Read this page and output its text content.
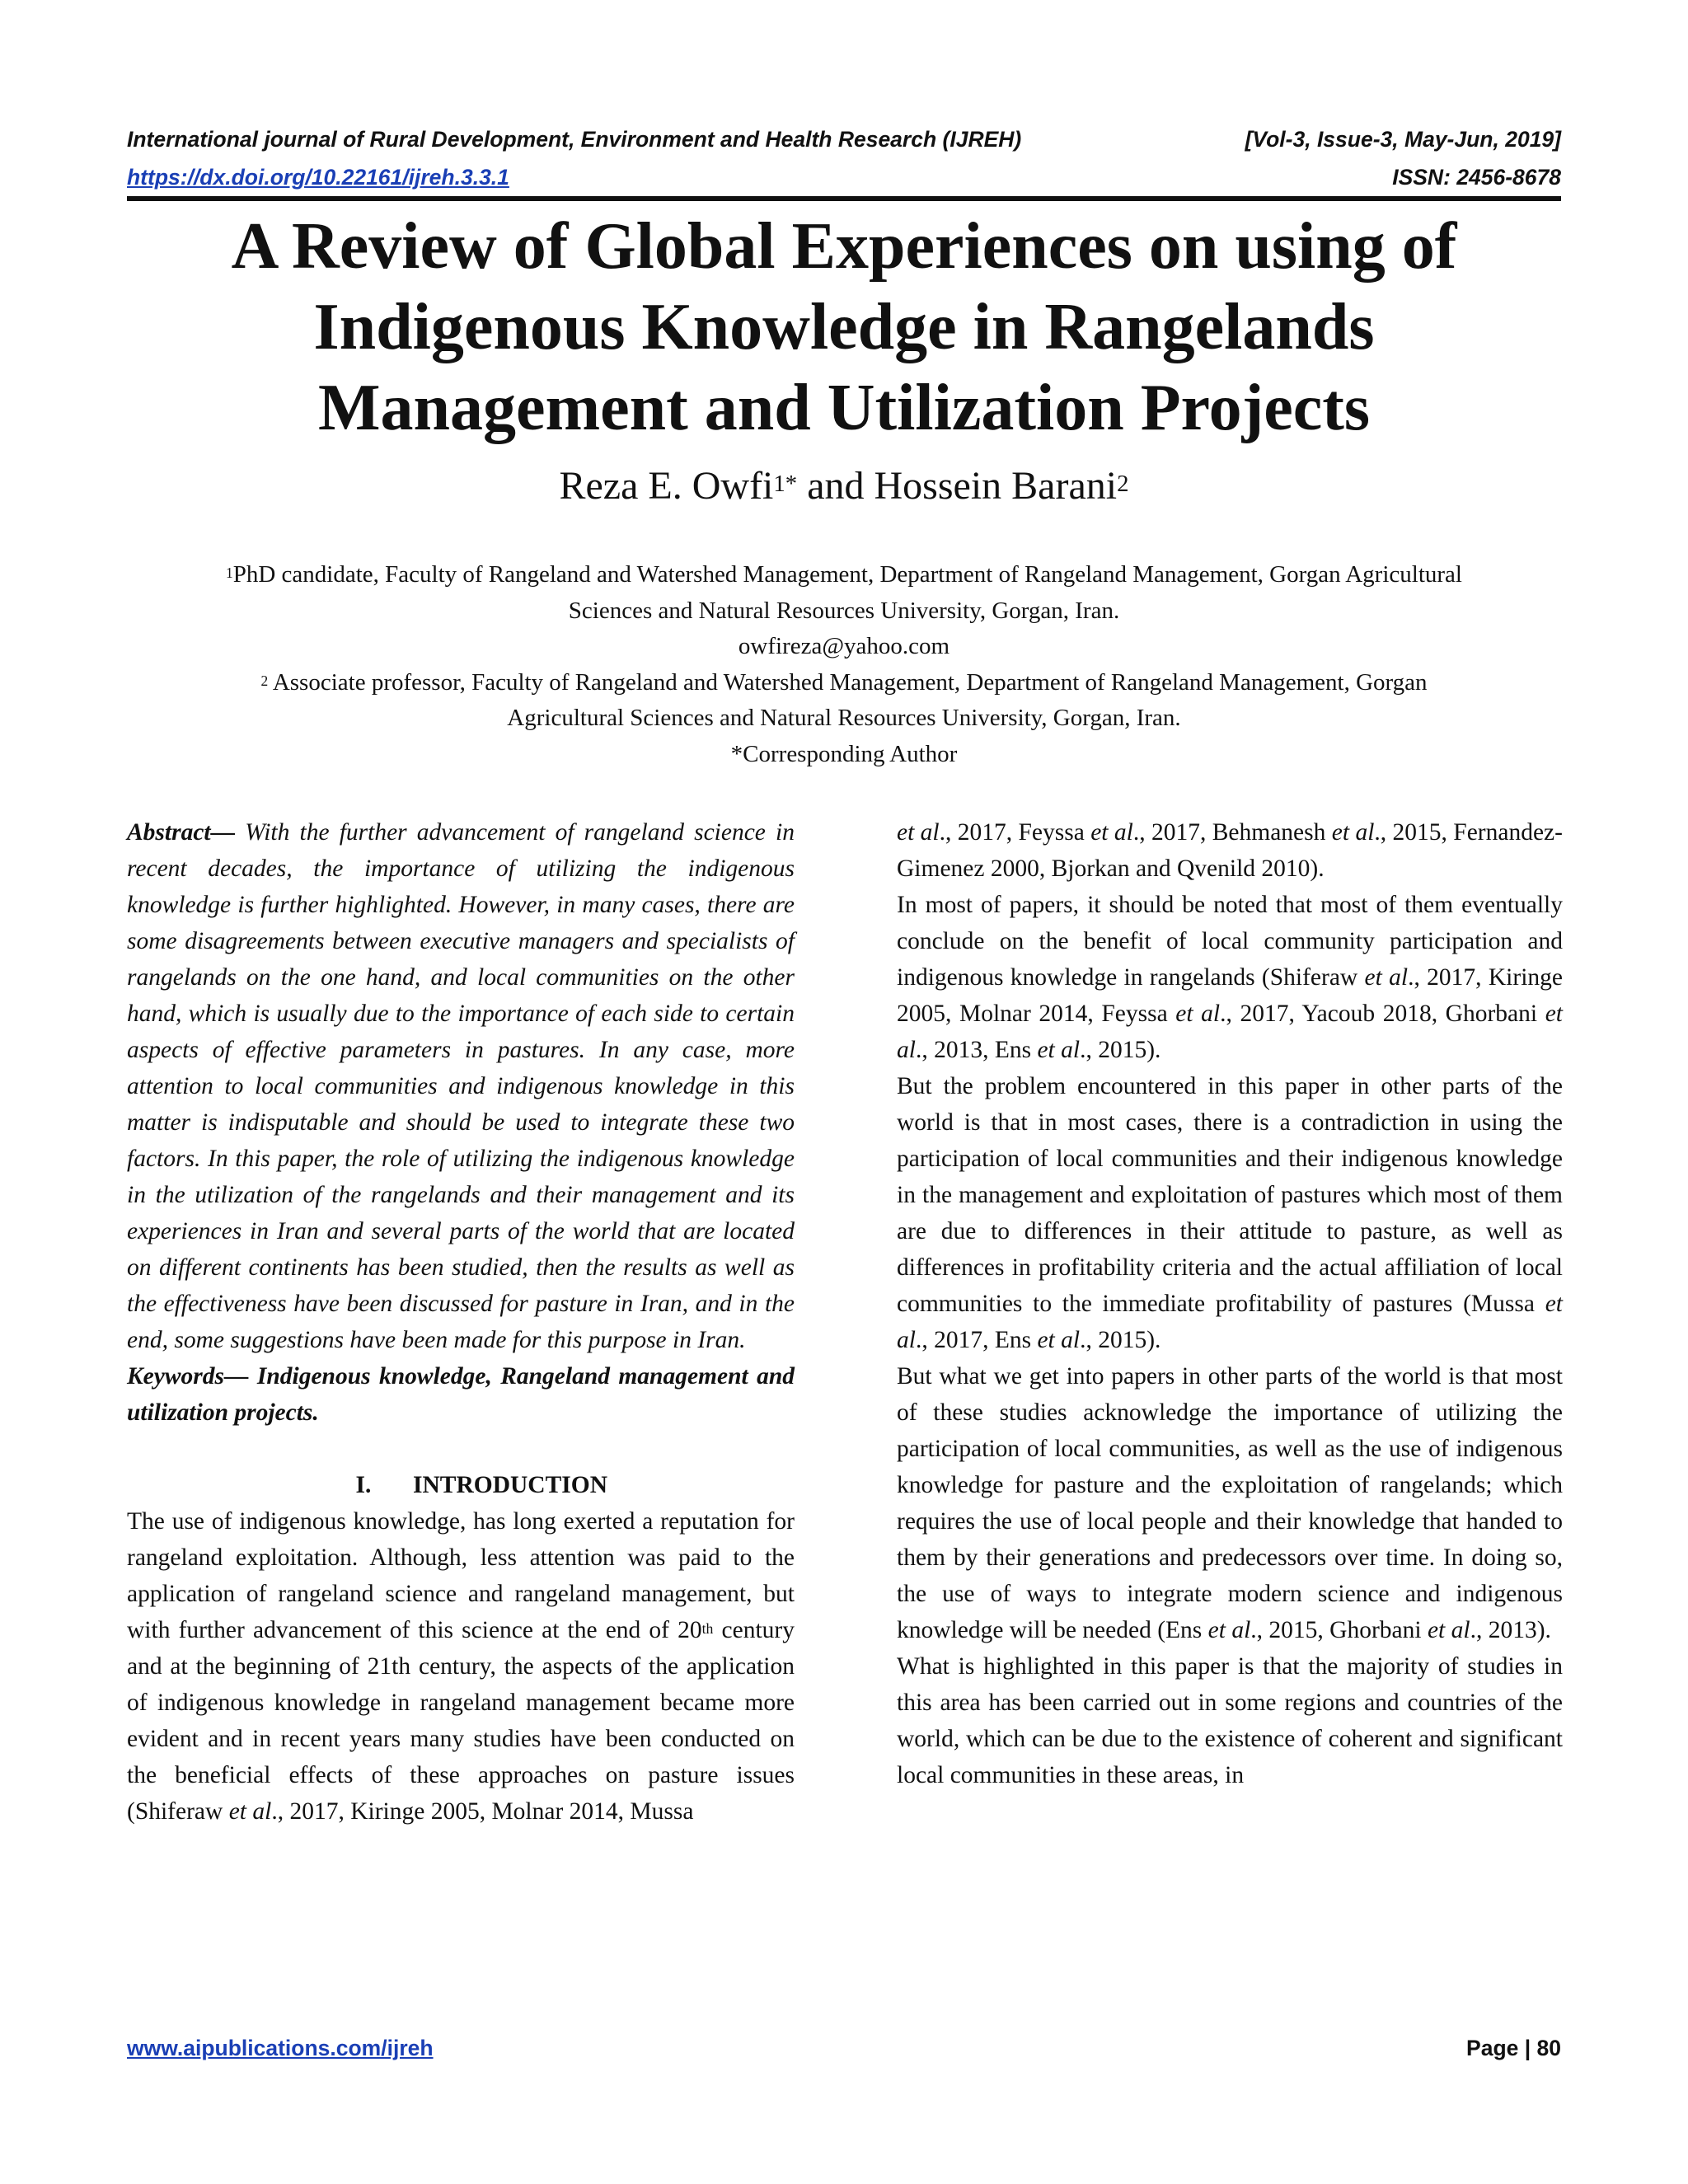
International journal of Rural Development, Environment and Health Research (IJREH)	[Vol-3, Issue-3, May-Jun, 2019]
https://dx.doi.org/10.22161/ijreh.3.3.1	ISSN: 2456-8678
A Review of Global Experiences on using of
Indigenous Knowledge in Rangelands
Management and Utilization Projects
Reza E. Owfi$^{1*}$ and Hossein Barani$^2$
$^1$PhD candidate, Faculty of Rangeland and Watershed Management, Department of Rangeland Management, Gorgan Agricultural
Sciences and Natural Resources University, Gorgan, Iran.
owfireza@yahoo.com
$^2$ Associate professor, Faculty of Rangeland and Watershed Management, Department of Rangeland Management, Gorgan
Agricultural Sciences and Natural Resources University, Gorgan, Iran.
*Corresponding Author

Abstract— With the further advancement of rangeland science in recent decades, the importance of utilizing the indigenous knowledge is further highlighted. However, in many cases, there are some disagreements between executive managers and specialists of rangelands on the one hand, and local communities on the other hand, which is usually due to the importance of each side to certain aspects of effective parameters in pastures. In any case, more attention to local communities and indigenous knowledge in this matter is indisputable and should be used to integrate these two factors. In this paper, the role of utilizing the indigenous knowledge in the utilization of the rangelands and their management and its experiences in Iran and several parts of the world that are located on different continents has been studied, then the results as well as the effectiveness have been discussed for pasture in Iran, and in the end, some suggestions have been made for this purpose in Iran.

Keywords— Indigenous knowledge, Rangeland management and utilization projects.

I. INTRODUCTION

The use of indigenous knowledge, has long exerted a reputation for rangeland exploitation. Although, less attention was paid to the application of rangeland science and rangeland management, but with further advancement of this science at the end of 20th century and at the beginning of 21th century, the aspects of the application of indigenous knowledge in rangeland management became more evident and in recent years many studies have been conducted on the beneficial effects of these approaches on pasture issues (Shiferaw et al., 2017, Kiringe 2005, Molnar 2014, Mussa

et al., 2017, Feyssa et al., 2017, Behmanesh et al., 2015, Fernandez- Gimenez 2000, Bjorkan and Qvenild 2010).

In most of papers, it should be noted that most of them eventually conclude on the benefit of local community participation and indigenous knowledge in rangelands (Shiferaw et al., 2017, Kiringe 2005, Molnar 2014, Feyssa et al., 2017, Yacoub 2018, Ghorbani et al., 2013, Ens et al., 2015).

But the problem encountered in this paper in other parts of the world is that in most cases, there is a contradiction in using the participation of local communities and their indigenous knowledge in the management and exploitation of pastures which most of them are due to differences in their attitude to pasture, as well as differences in profitability criteria and the actual affiliation of local communities to the immediate profitability of pastures (Mussa et al., 2017, Ens et al., 2015).

But what we get into papers in other parts of the world is that most of these studies acknowledge the importance of utilizing the participation of local communities, as well as the use of indigenous knowledge for pasture and the exploitation of rangelands; which requires the use of local people and their knowledge that handed to them by their generations and predecessors over time. In doing so, the use of ways to integrate modern science and indigenous knowledge will be needed (Ens et al., 2015, Ghorbani et al., 2013).

What is highlighted in this paper is that the majority of studies in this area has been carried out in some regions and countries of the world, which can be due to the existence of coherent and significant local communities in these areas, in

www.aipublications.com/ijreh	Page | 80
